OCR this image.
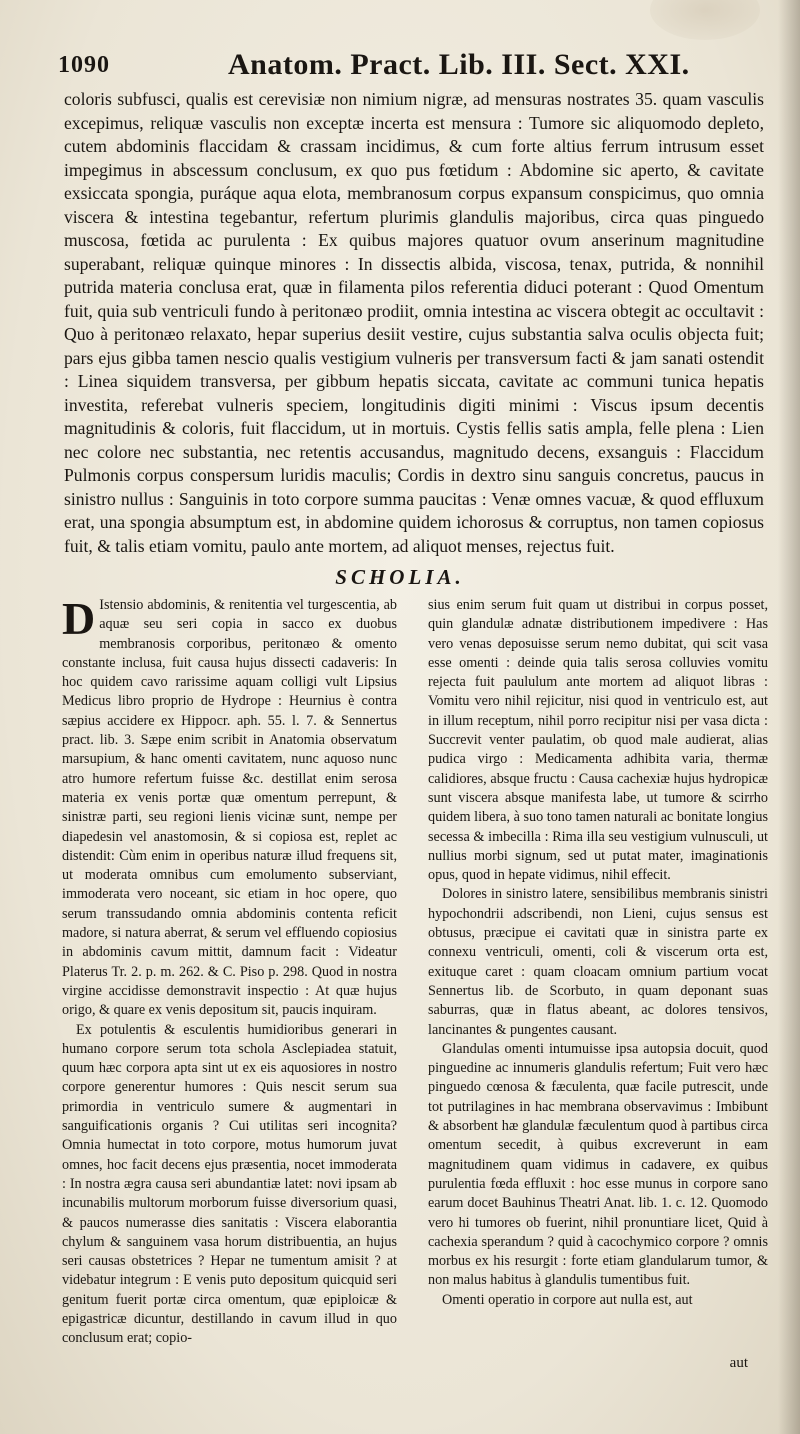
1090	Anatom. Pract. Lib. III. Sect. XXI.

coloris subfusci, qualis est cerevisiæ non nimium nigræ, ad mensuras nostrates 35. quam vasculis excepimus, reliquæ vasculis non exceptæ incerta est mensura : Tumore sic aliquomodo depleto, cutem abdominis flaccidam & crassam incidimus, & cum forte altius ferrum intrusum esset impegimus in abscessum conclusum, ex quo pus fœtidum : Abdomine sic aperto, & cavitate exsiccata spongia, puráque aqua elota, membranosum corpus expansum conspicimus, quo omnia viscera & intestina tegebantur, refertum plurimis glandulis majoribus, circa quas pinguedo muscosa, fœtida ac purulenta : Ex quibus majores quatuor ovum anserinum magnitudine superabant, reliquæ quinque minores : In dissectis albida, viscosa, tenax, putrida, & nonnihil putrida materia conclusa erat, quæ in filamenta pilos referentia diduci poterant : Quod Omentum fuit, quia sub ventriculi fundo à peritonæo prodiit, omnia intestina ac viscera obtegit ac occultavit : Quo à peritonæo relaxato, hepar superius desiit vestire, cujus substantia salva oculis objecta fuit; pars ejus gibba tamen nescio qualis vestigium vulneris per transversum facti & jam sanati ostendit : Linea siquidem transversa, per gibbum hepatis siccata, cavitate ac communi tunica hepatis investita, referebat vulneris speciem, longitudinis digiti minimi : Viscus ipsum decentis magnitudinis & coloris, fuit flaccidum, ut in mortuis. Cystis fellis satis ampla, felle plena : Lien nec colore nec substantia, nec retentis accusandus, magnitudo decens, exsanguis : Flaccidum Pulmonis corpus conspersum luridis maculis; Cordis in dextro sinu sanguis concretus, paucus in sinistro nullus : Sanguinis in toto corpore summa paucitas : Venæ omnes vacuæ, & quod effluxum erat, una spongia absumptum est, in abdomine quidem ichorosus & corruptus, non tamen copiosus fuit, & talis etiam vomitu, paulo ante mortem, ad aliquot menses, rejectus fuit.

SCHOLIA.

D Istensio abdominis, & renitentia vel turgescentia, ab aquæ seu seri copia in sacco ex duobus membranosis corporibus, peritonæo & omento constante inclusa, fuit causa hujus dissecti cadaveris: In hoc quidem cavo rarissime aquam colligi vult Lipsius Medicus libro proprio de Hydrope : Heurnius è contra sæpius accidere ex Hippocr. aph. 55. l. 7. & Sennertus pract. lib. 3. Sæpe enim scribit in Anatomia observatum marsupium, & hanc omenti cavitatem, nunc aquoso nunc atro humore refertum fuisse &c. destillat enim serosa materia ex venis portæ quæ omentum perrepunt, & sinistræ parti, seu regioni lienis vicinæ sunt, nempe per diapedesin vel anastomosin, & si copiosa est, replet ac distendit: Cùm enim in operibus naturæ illud frequens sit, ut moderata omnibus cum emolumento subserviant, immoderata vero noceant, sic etiam in hoc opere, quo serum transsudando omnia abdominis contenta reficit madore, si natura aberrat, & serum vel effluendo copiosius in abdominis cavum mittit, damnum facit : Videatur Platerus Tr. 2. p. m. 262. & C. Piso p. 298. Quod in nostra virgine accidisse demonstravit inspectio : At quæ hujus origo, & quare ex venis depositum sit, paucis inquiram.

Ex potulentis & esculentis humidioribus generari in humano corpore serum tota schola Asclepiadea statuit, quum hæc corpora apta sint ut ex eis aquosiores in nostro corpore generentur humores : Quis nescit serum sua primordia in ventriculo sumere & augmentari in sanguificationis organis ? Cui utilitas seri incognita? Omnia humectat in toto corpore, motus humorum juvat omnes, hoc facit decens ejus præsentia, nocet immoderata : In nostra ægra causa seri abundantiæ latet: novi ipsam ab incunabilis multorum morborum fuisse diversorium quasi, & paucos numerasse dies sanitatis : Viscera elaborantia chylum & sanguinem vasa horum distribuentia, an hujus seri causas obstetrices ? Hepar ne tumentum amisit ? at videbatur integrum : E venis puto depositum quicquid seri genitum fuerit portæ circa omentum, quæ epiploicæ & epigastricæ dicuntur, destillando in cavum illud in quo conclusum erat; copio-

sius enim serum fuit quam ut distribui in corpus posset, quin glandulæ adnatæ distributionem impedivere : Has vero venas deposuisse serum nemo dubitat, qui scit vasa esse omenti : deinde quia talis serosa colluvies vomitu rejecta fuit paululum ante mortem ad aliquot libras : Vomitu vero nihil rejicitur, nisi quod in ventriculo est, aut in illum receptum, nihil porro recipitur nisi per vasa dicta : Succrevit venter paulatim, ob quod male audierat, alias pudica virgo : Medicamenta adhibita varia, thermæ calidiores, absque fructu : Causa cachexiæ hujus hydropicæ sunt viscera absque manifesta labe, ut tumore & scirrho quidem libera, à suo tono tamen naturali ac bonitate longius secessa & imbecilla : Rima illa seu vestigium vulnusculi, ut nullius morbi signum, sed ut putat mater, imaginationis opus, quod in hepate vidimus, nihil effecit.

Dolores in sinistro latere, sensibilibus membranis sinistri hypochondrii adscribendi, non Lieni, cujus sensus est obtusus, præcipue ei cavitati quæ in sinistra parte ex connexu ventriculi, omenti, coli & viscerum orta est, exituque caret : quam cloacam omnium partium vocat Sennertus lib. de Scorbuto, in quam deponant suas saburras, quæ in flatus abeant, ac dolores tensivos, lancinantes & pungentes causant.

Glandulas omenti intumuisse ipsa autopsia docuit, quod pinguedine ac innumeris glandulis refertum; Fuit vero hæc pinguedo cœnosa & fæculenta, quæ facile putrescit, unde tot putrilagines in hac membrana observavimus : Imbibunt & absorbent hæ glandulæ fæculentum quod à partibus circa omentum secedit, à quibus excreverunt in eam magnitudinem quam vidimus in cadavere, ex quibus purulentia fœda effluxit : hoc esse munus in corpore sano earum docet Bauhinus Theatri Anat. lib. 1. c. 12. Quomodo vero hi tumores ob fuerint, nihil pronuntiare licet, Quid à cachexia sperandum ? quid à cacochymico corpore ? omnis morbus ex his resurgit : forte etiam glandularum tumor, & non malus habitus à glandulis tumentibus fuit.

Omenti operatio in corpore aut nulla est, aut

aut
